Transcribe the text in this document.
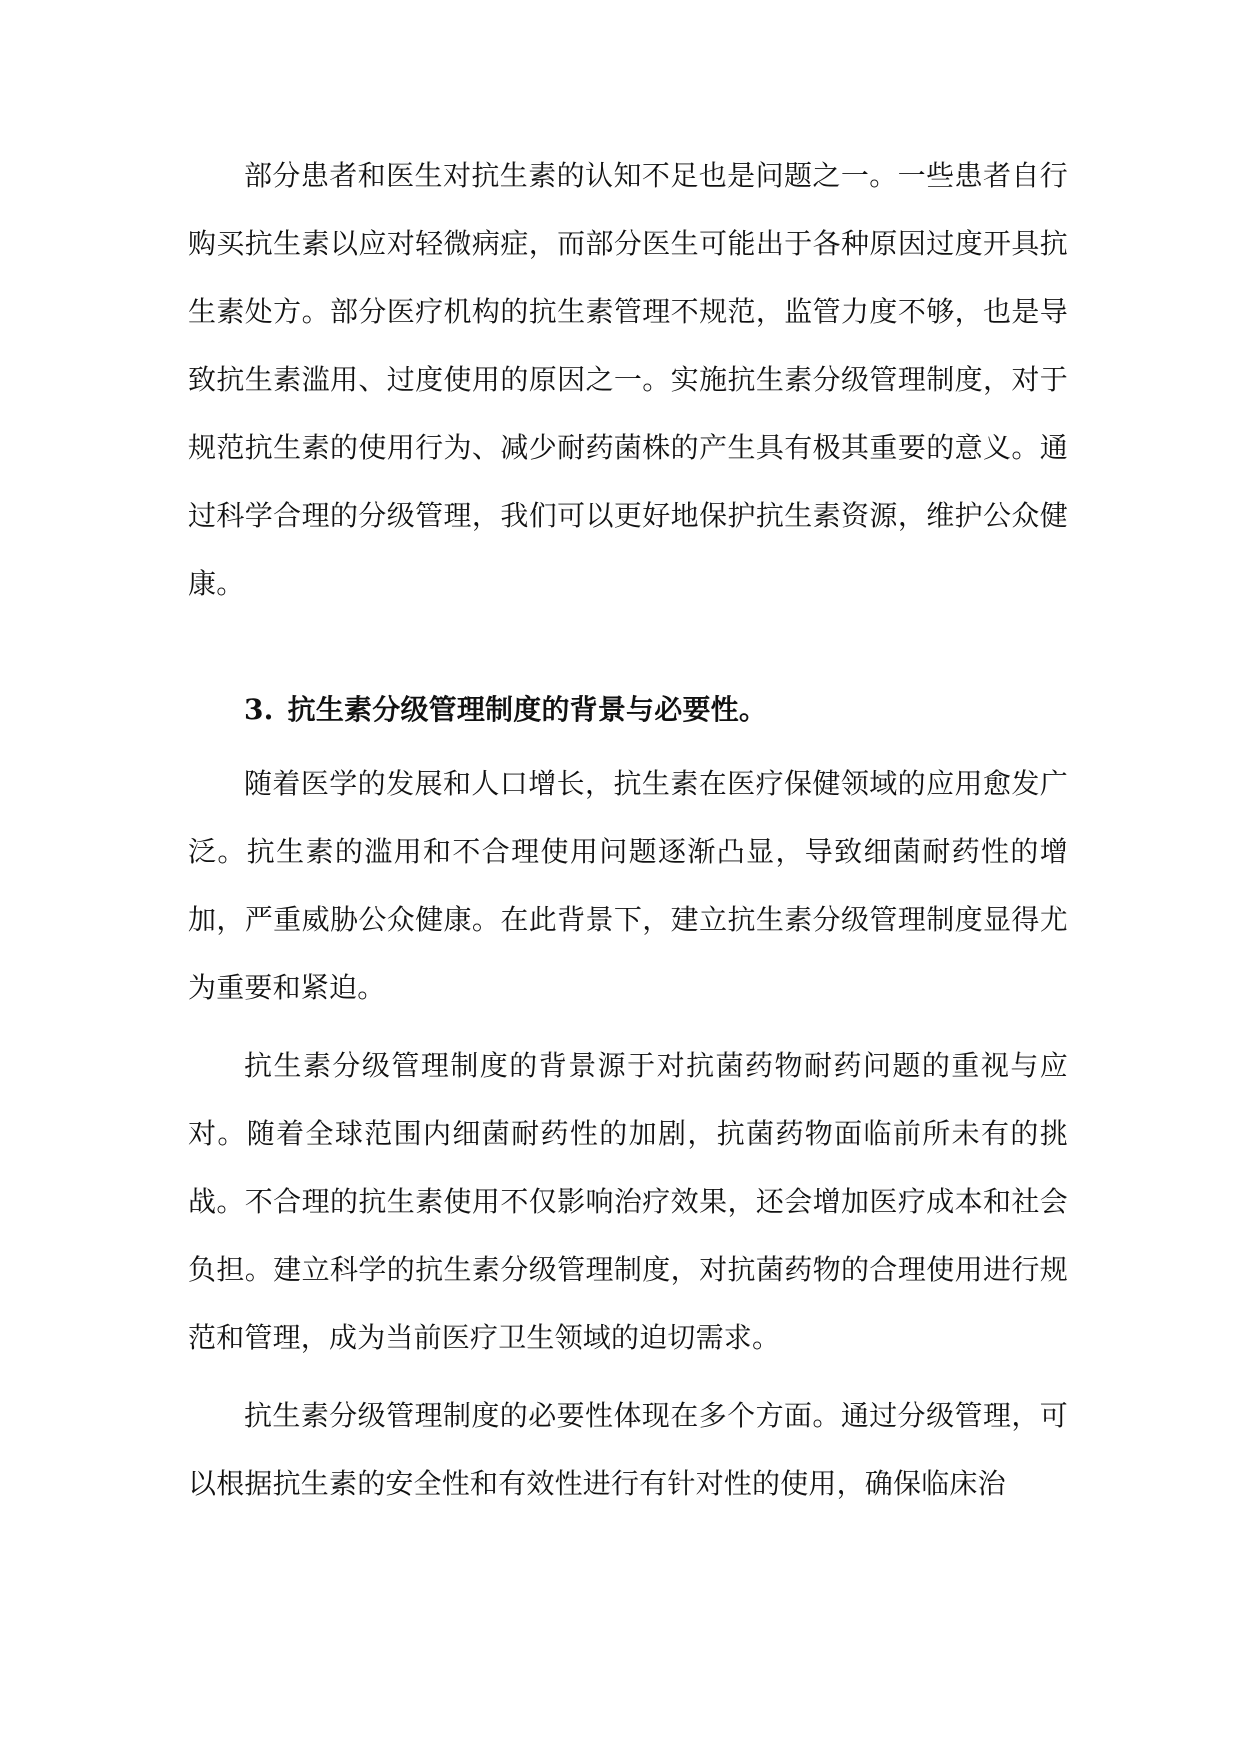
部分患者和医生对抗生素的认知不足也是问题之一。一些患者自行购买抗生素以应对轻微病症，而部分医生可能出于各种原因过度开具抗生素处方。部分医疗机构的抗生素管理不规范，监管力度不够，也是导致抗生素滥用、过度使用的原因之一。实施抗生素分级管理制度，对于规范抗生素的使用行为、减少耐药菌株的产生具有极其重要的意义。通过科学合理的分级管理，我们可以更好地保护抗生素资源，维护公众健康。

3. 抗生素分级管理制度的背景与必要性。

随着医学的发展和人口增长，抗生素在医疗保健领域的应用愈发广泛。抗生素的滥用和不合理使用问题逐渐凸显，导致细菌耐药性的增加，严重威胁公众健康。在此背景下，建立抗生素分级管理制度显得尤为重要和紧迫。

抗生素分级管理制度的背景源于对抗菌药物耐药问题的重视与应对。随着全球范围内细菌耐药性的加剧，抗菌药物面临前所未有的挑战。不合理的抗生素使用不仅影响治疗效果，还会增加医疗成本和社会负担。建立科学的抗生素分级管理制度，对抗菌药物的合理使用进行规范和管理，成为当前医疗卫生领域的迫切需求。

抗生素分级管理制度的必要性体现在多个方面。通过分级管理，可以根据抗生素的安全性和有效性进行有针对性的使用，确保临床治
